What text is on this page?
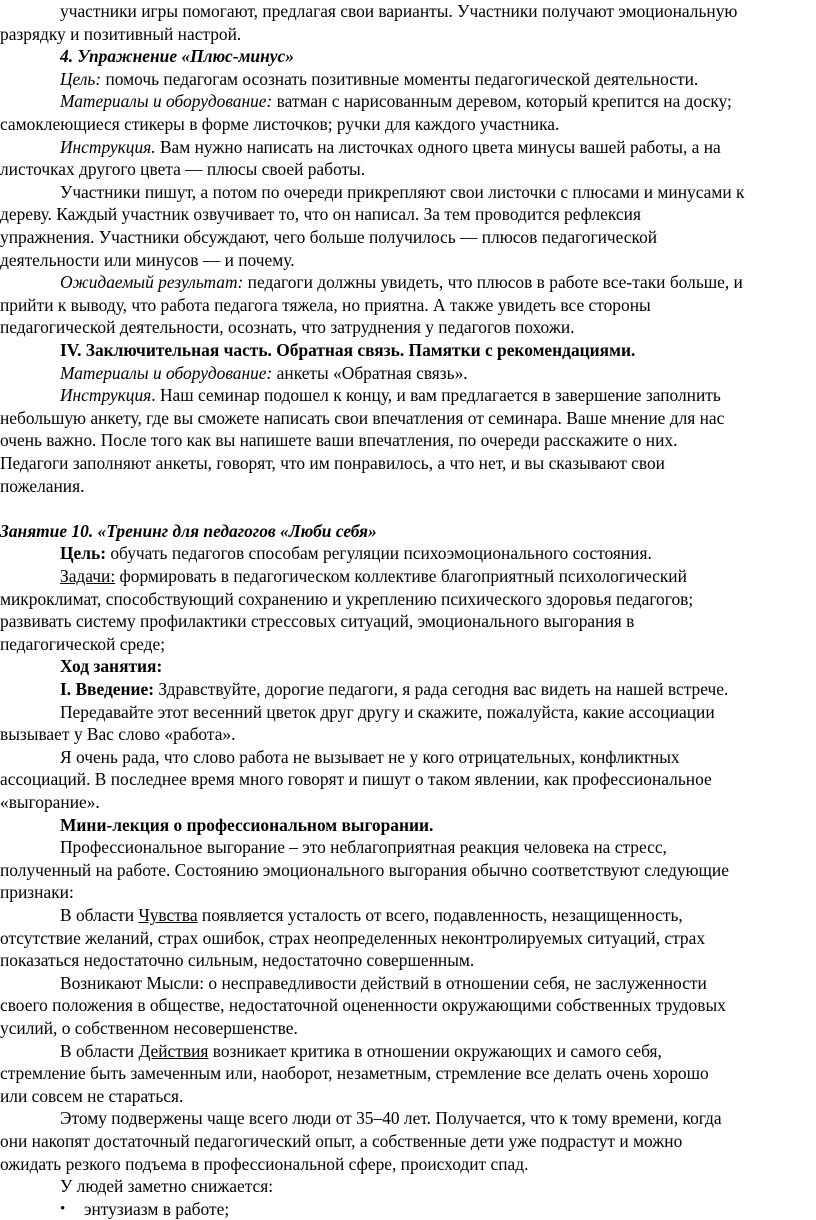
участники игры помогают, предлагая свои варианты. Участники получают эмоциональную
разрядку и позитивный настрой.
4. Упражнение «Плюс-минус»
Цель: помочь педагогам осознать позитивные моменты педагогической деятельности.
Материалы и оборудование: ватман с нарисованным деревом, который крепится на доску;
самоклеющиеся стикеры в форме листочков; ручки для каждого участника.
Инструкция. Вам нужно написать на листочках одного цвета минусы вашей работы, а на
листочках другого цвета — плюсы своей работы.
Участники пишут, а потом по очереди прикрепляют свои листочки с плюсами и минусами к
дереву. Каждый участник озвучивает то, что он написал. За тем проводится рефлексия
упражнения. Участники обсуждают, чего больше получилось — плюсов педагогической
деятельности или минусов — и почему.
Ожидаемый результат: педагоги должны увидеть, что плюсов в работе все-таки больше, и
прийти к выводу, что работа педагога тяжела, но приятна. А также увидеть все стороны
педагогической деятельности, осознать, что затруднения у педагогов похожи.
IV. Заключительная часть. Обратная связь. Памятки с рекомендациями.
Материалы и оборудование: анкеты «Обратная связь».
Инструкция. Наш семинар подошел к концу, и вам предлагается в завершение заполнить
небольшую анкету, где вы сможете написать свои впечатления от семинара. Ваше мнение для нас
очень важно. После того как вы напишете ваши впечатления, по очереди расскажите о них.
Педагоги заполняют анкеты, говорят, что им понравилось, а что нет, и вы сказывают свои
пожелания.
Занятие 10. «Тренинг для педагогов «Люби себя»
Цель: обучать педагогов способам регуляции психоэмоционального состояния.
Задачи: формировать в педагогическом коллективе благоприятный психологический
микроклимат, способствующий сохранению и укреплению психического здоровья педагогов;
развивать систему профилактики стрессовых ситуаций, эмоционального выгорания в
педагогической среде;
Ход занятия:
I. Введение: Здравствуйте, дорогие педагоги, я рада сегодня вас видеть на нашей встрече.
Передавайте этот весенний цветок друг другу и скажите, пожалуйста, какие ассоциации
вызывает у Вас слово «работа».
Я очень рада, что слово работа не вызывает не у кого отрицательных, конфликтных
ассоциаций. В последнее время много говорят и пишут о таком явлении, как профессиональное
«выгорание».
Мини-лекция о профессиональном выгорании.
Профессиональное выгорание – это неблагоприятная реакция человека на стресс,
полученный на работе. Состоянию эмоционального выгорания обычно соответствуют следующие
признаки:
В области Чувства появляется усталость от всего, подавленность, незащищенность,
отсутствие желаний, страх ошибок, страх неопределенных неконтролируемых ситуаций, страх
показаться недостаточно сильным, недостаточно совершенным.
Возникают Мысли: о несправедливости действий в отношении себя, не заслуженности
своего положения в обществе, недостаточной оцененности окружающими собственных трудовых
усилий, о собственном несовершенстве.
В области Действия возникает критика в отношении окружающих и самого себя,
стремление быть замеченным или, наоборот, незаметным, стремление все делать очень хорошо
или совсем не стараться.
Этому подвержены чаще всего люди от 35–40 лет. Получается, что к тому времени, когда
они накопят достаточный педагогический опыт, а собственные дети уже подрастут и можно
ожидать резкого подъема в профессиональной сфере, происходит спад.
У людей заметно снижается:
• энтузиазм в работе;
